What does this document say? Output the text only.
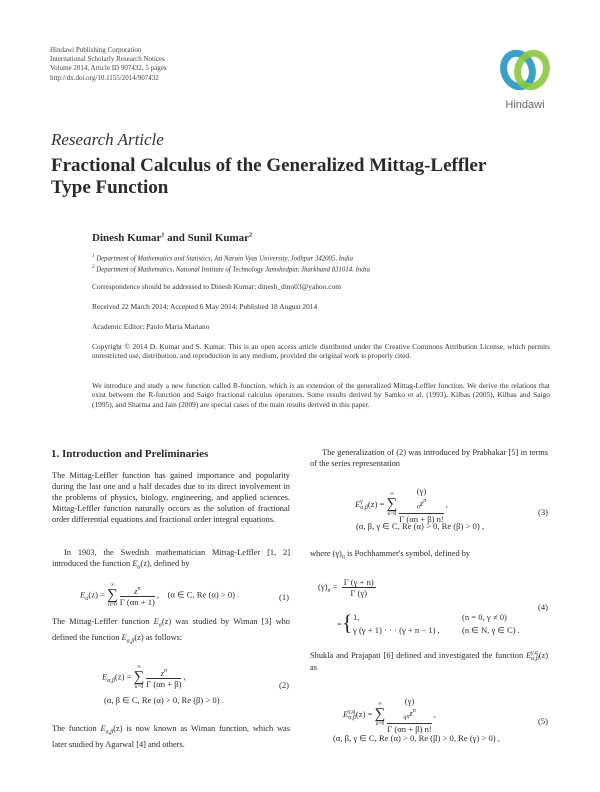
Hindawi Publishing Corporation
International Scholarly Research Notices
Volume 2014, Article ID 907432, 5 pages
http://dx.doi.org/10.1155/2014/907432
Hindawi
Research Article
Fractional Calculus of the Generalized Mittag-Leffler
Type Function
Dinesh Kumar$^1$ and Sunil Kumar$^2$
$^1$ Department of Mathematics and Statistics, Jai Narain Vyas University, Jodhpur 342005, India
$^2$ Department of Mathematics, National Institute of Technology Jamshedpur, Jharkhand 831014, India
Correspondence should be addressed to Dinesh Kumar; dinesh_dino03@yahoo.com
Received 22 March 2014; Accepted 6 May 2014; Published 18 August 2014
Academic Editor: Paolo Maria Mariano
Copyright © 2014 D. Kumar and S. Kumar. This is an open access article distributed under the Creative Commons Attribution License, which permits unrestricted use, distribution, and reproduction in any medium, provided the original work is properly cited.
We introduce and study a new function called R-function, which is an extension of the generalized Mittag-Leffler function. We derive the relations that exist between the R-function and Saigo fractional calculus operators. Some results derived by Samko et al. (1993), Kilbas (2005), Kilbas and Saigo (1995), and Sharma and Jain (2009) are special cases of the main results derived in this paper.
1. Introduction and Preliminaries
The Mittag-Leffler function has gained importance and popularity during the last one and a half decades due to its direct involvement in the problems of physics, biology, engineering, and applied sciences. Mittag-Leffler function naturally occurs as the solution of fractional order differential equations and fractional order integral equations.
In 1903, the Swedish mathematician Mittag-Leffler [1, 2] introduced the function $E_\alpha(z)$, defined by
$E_\alpha(z)$ =
∞
∑
$n=0 \frac{z^n}{\Gamma (\alpha n + 1)}$ ,    (α ∈ C, Re (α) > 0) .	(1)
The Mittag-Leffler function $E_\alpha(z)$ was studied by Wiman [3] who defined the function $E_{\alpha,\beta}(z)$ as follows:
$E_{\alpha,\beta}(z)$ =
∞
∑
$n=0 \frac{z^n}{\Gamma (\alpha n + \beta)}$ ,
(α, β ∈ C, Re (α) > 0, Re (β) > 0) .
(2)
The function $E_{\alpha,\beta}(z)$ is now known as Wiman function, which was later studied by Agarwal [4] and others.
The generalization of (2) was introduced by Prabhakar [5] in terms of the series representation
E γ
α,β (z) =
∞
∑
n=0 (γ)
$_nz^n$
Γ (αn + β) n! ,
(α, β, γ ∈ C, Re (α) > 0, Re (β) > 0) ,
(3)
where $(\gamma)_n$ is Pochhammer's symbol, defined by
$(\gamma)_n = \frac{\Gamma (\gamma + n)}{\Gamma (\gamma)}$
{
=
1,	(n = 0, γ ≠ 0)
γ (γ + 1) · · · (γ + n − 1) ,	(n ∈ N, γ ∈ C) .
(4)
Shukla and Prajapati [6] defined and investigated the function E γ,q
α,β (z) as
E γ,q
α,β (z) =
∞
∑
n=0 (γ)
$_{qn}z^n$
Γ (αn + β) n! ,
(α, β, γ ∈ C, Re (α) > 0, Re (β) > 0, Re (γ) > 0) ,
(5)
